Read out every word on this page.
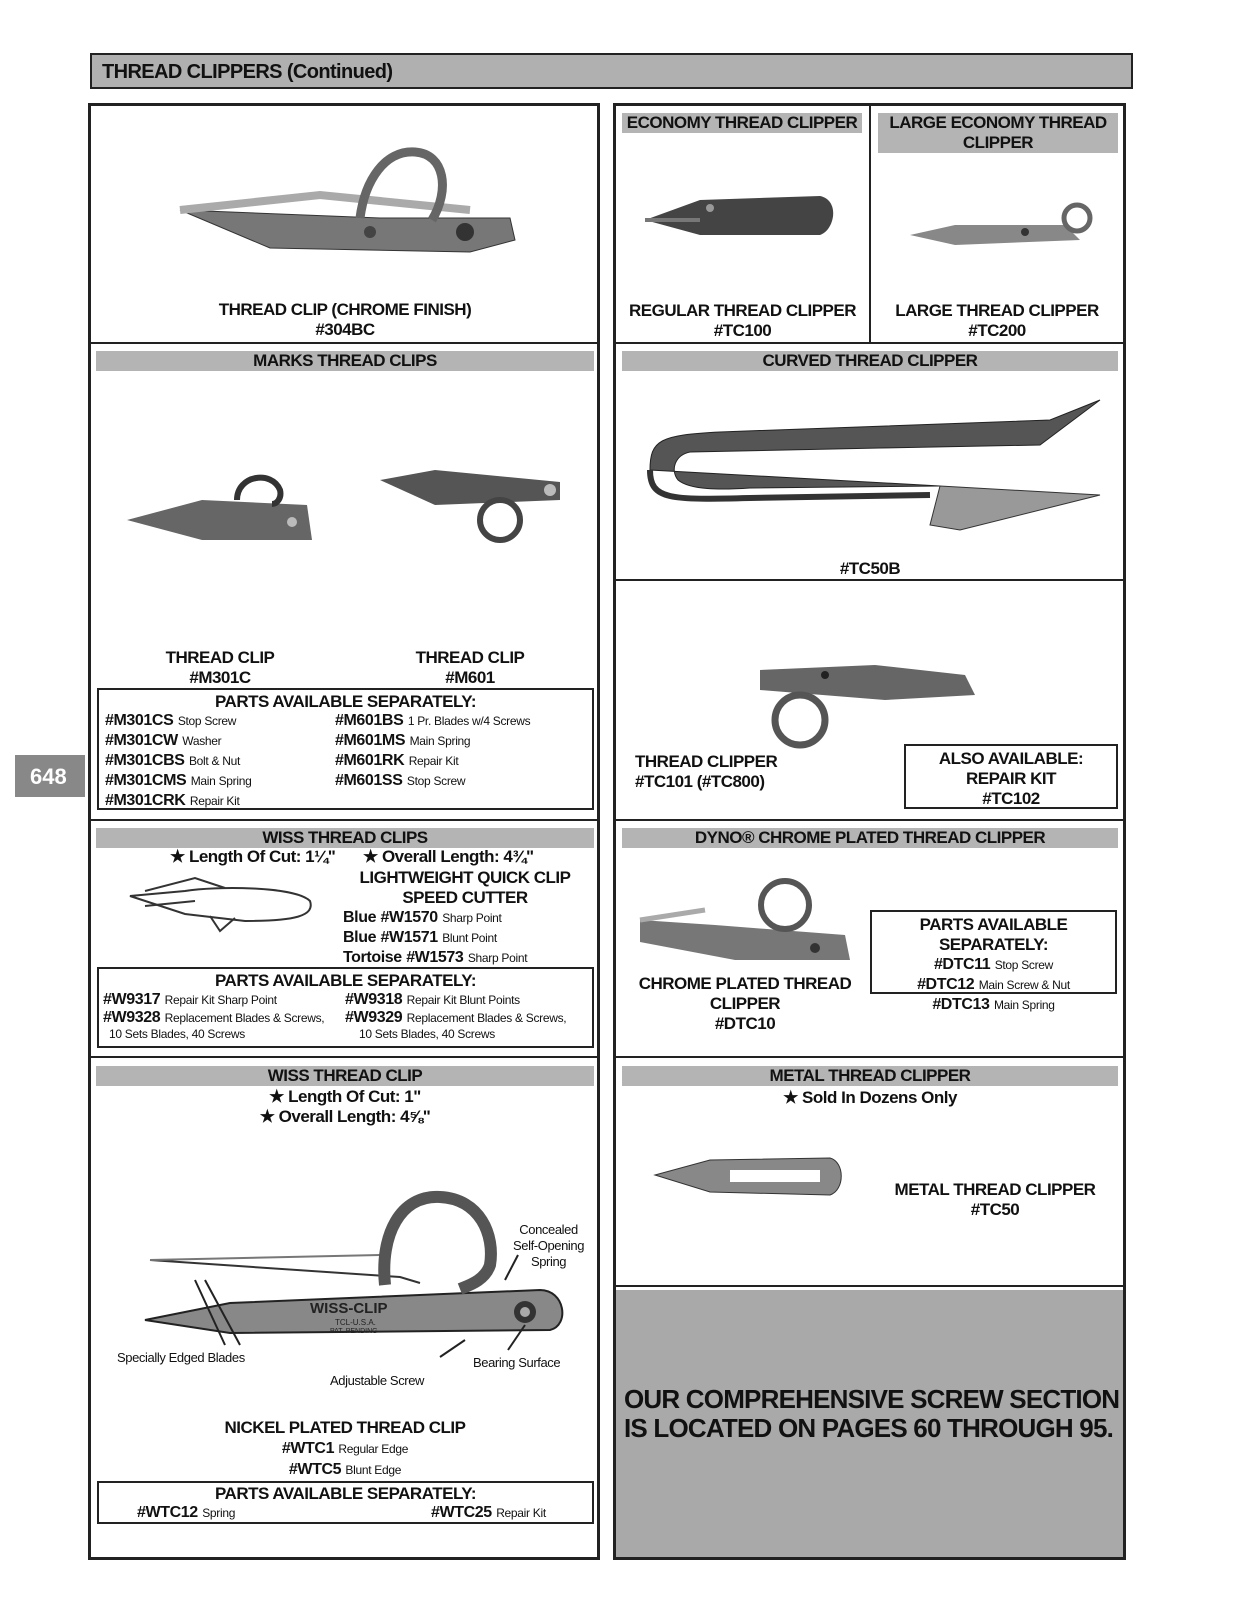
THREAD CLIPPERS (Continued)
648
THREAD CLIP (CHROME FINISH)
#304BC
ECONOMY THREAD CLIPPER
REGULAR THREAD CLIPPER
#TC100
LARGE ECONOMY THREAD CLIPPER
LARGE THREAD CLIPPER
#TC200
MARKS THREAD CLIPS
THREAD CLIP
#M301C
THREAD CLIP
#M601
PARTS AVAILABLE SEPARATELY:
#M301CS Stop Screw
#M301CW Washer
#M301CBS Bolt & Nut
#M301CMS Main Spring
#M301CRK Repair Kit
#M601BS 1 Pr. Blades w/4 Screws
#M601MS Main Spring
#M601RK Repair Kit
#M601SS Stop Screw
CURVED THREAD CLIPPER
#TC50B
THREAD CLIPPER
#TC101 (#TC800)
ALSO AVAILABLE:
REPAIR KIT
#TC102
WISS THREAD CLIPS
★ Length Of Cut: 1¼" ★ Overall Length: 4¾"
LIGHTWEIGHT QUICK CLIP
SPEED CUTTER
Blue #W1570 Sharp Point
Blue #W1571 Blunt Point
Tortoise #W1573 Sharp Point
PARTS AVAILABLE SEPARATELY:
#W9317 Repair Kit Sharp Point
#W9328 Replacement Blades & Screws,
10 Sets Blades, 40 Screws
#W9318 Repair Kit Blunt Points
#W9329 Replacement Blades & Screws,
10 Sets Blades, 40 Screws
DYNO® CHROME PLATED THREAD CLIPPER
CHROME PLATED THREAD
CLIPPER
#DTC10
PARTS AVAILABLE SEPARATELY:
#DTC11 Stop Screw
#DTC12 Main Screw & Nut
#DTC13 Main Spring
WISS THREAD CLIP
★ Length Of Cut: 1"
★ Overall Length: 4⅝"
WISS-CLIP
TCL-U.S.A.
PAT. PENDING
Concealed
Self-Opening
Spring
Specially Edged Blades	Bearing Surface
Adjustable Screw
NICKEL PLATED THREAD CLIP
#WTC1 Regular Edge
#WTC5 Blunt Edge
PARTS AVAILABLE SEPARATELY:
#WTC12 Spring	#WTC25 Repair Kit
METAL THREAD CLIPPER
★ Sold In Dozens Only
METAL THREAD CLIPPER
#TC50
OUR COMPREHENSIVE SCREW SECTION
IS LOCATED ON PAGES 60 THROUGH 95.
